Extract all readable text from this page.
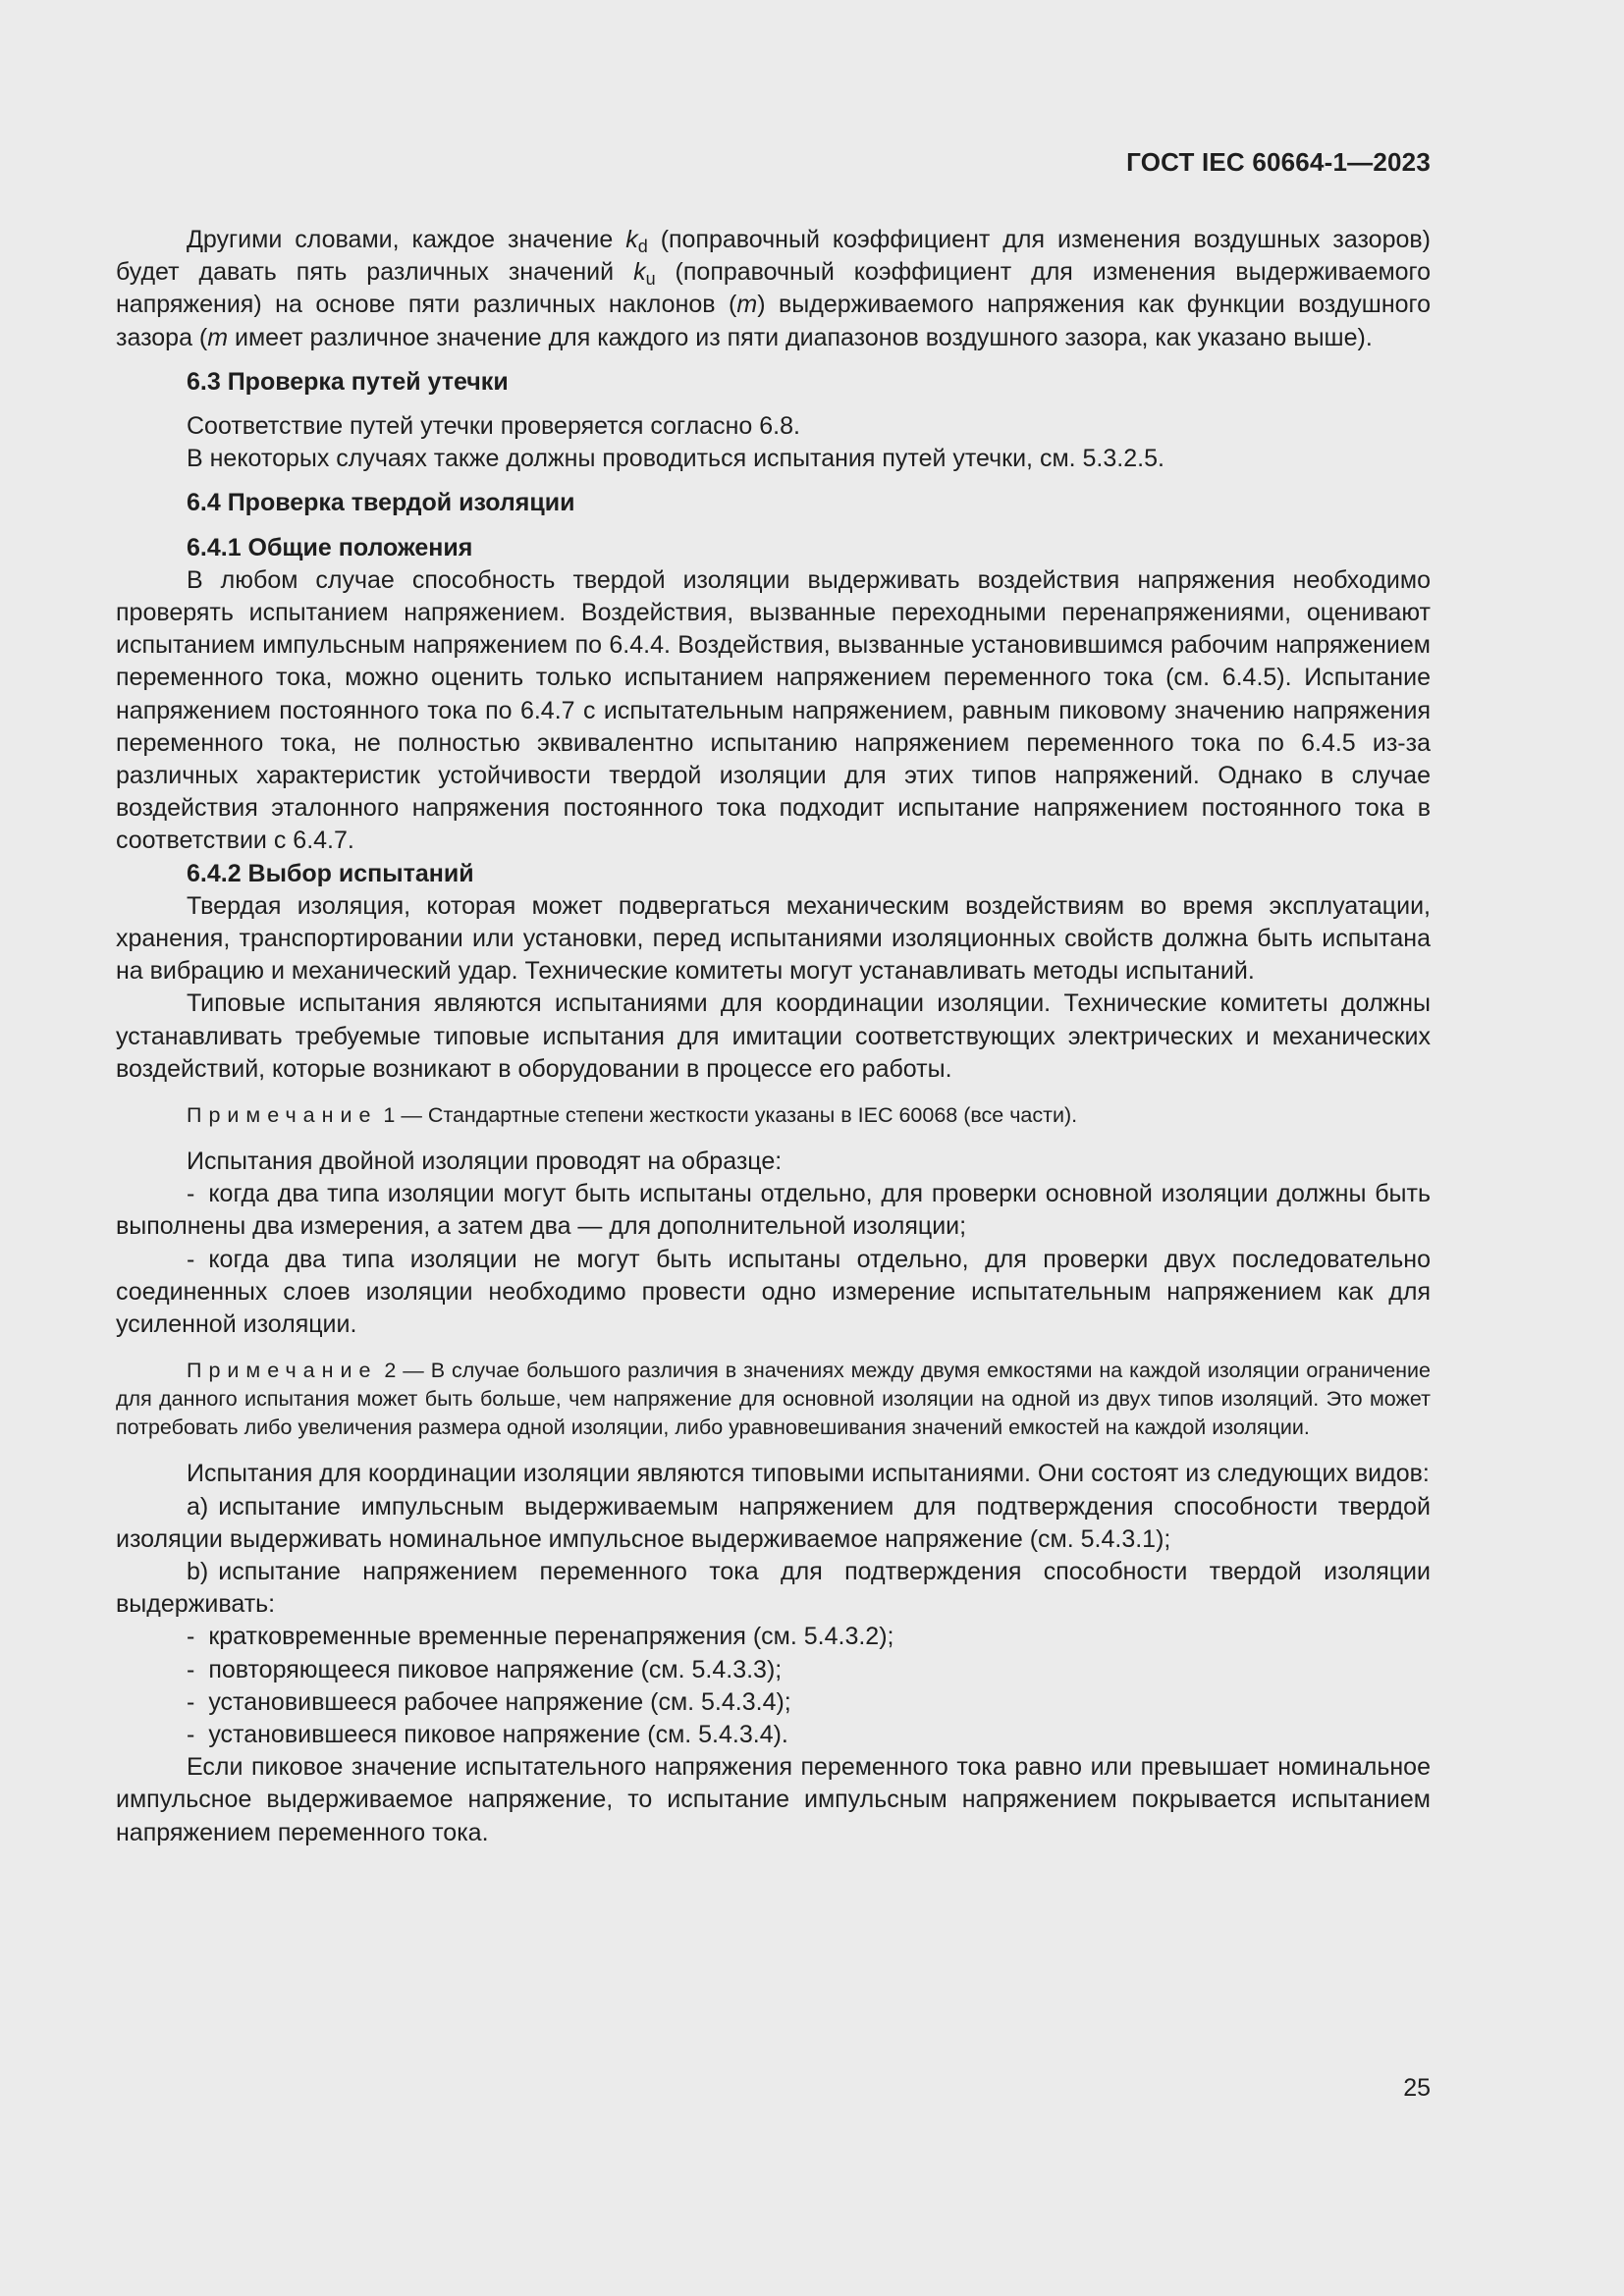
ГОСТ IEC 60664-1—2023

Другими словами, каждое значение $k_d$ (поправочный коэффициент для изменения воздушных зазоров) будет давать пять различных значений $k_u$ (поправочный коэффициент для изменения выдерживаемого напряжения) на основе пяти различных наклонов (m) выдерживаемого напряжения как функции воздушного зазора (m имеет различное значение для каждого из пяти диапазонов воздушного зазора, как указано выше).

6.3 Проверка путей утечки

Соответствие путей утечки проверяется согласно 6.8.

В некоторых случаях также должны проводиться испытания путей утечки, см. 5.3.2.5.

6.4 Проверка твердой изоляции

6.4.1 Общие положения

В любом случае способность твердой изоляции выдерживать воздействия напряжения необходимо проверять испытанием напряжением. Воздействия, вызванные переходными перенапряжениями, оценивают испытанием импульсным напряжением по 6.4.4. Воздействия, вызванные установившимся рабочим напряжением переменного тока, можно оценить только испытанием напряжением переменного тока (см. 6.4.5). Испытание напряжением постоянного тока по 6.4.7 с испытательным напряжением, равным пиковому значению напряжения переменного тока, не полностью эквивалентно испытанию напряжением переменного тока по 6.4.5 из-за различных характеристик устойчивости твердой изоляции для этих типов напряжений. Однако в случае воздействия эталонного напряжения постоянного тока подходит испытание напряжением постоянного тока в соответствии с 6.4.7.

6.4.2 Выбор испытаний

Твердая изоляция, которая может подвергаться механическим воздействиям во время эксплуатации, хранения, транспортировании или установки, перед испытаниями изоляционных свойств должна быть испытана на вибрацию и механический удар. Технические комитеты могут устанавливать методы испытаний.

Типовые испытания являются испытаниями для координации изоляции. Технические комитеты должны устанавливать требуемые типовые испытания для имитации соответствующих электрических и механических воздействий, которые возникают в оборудовании в процессе его работы.

Примечание 1 — Стандартные степени жесткости указаны в IEC 60068 (все части).

Испытания двойной изоляции проводят на образце:

- когда два типа изоляции могут быть испытаны отдельно, для проверки основной изоляции должны быть выполнены два измерения, а затем два — для дополнительной изоляции;

- когда два типа изоляции не могут быть испытаны отдельно, для проверки двух последовательно соединенных слоев изоляции необходимо провести одно измерение испытательным напряжением как для усиленной изоляции.

Примечание 2 — В случае большого различия в значениях между двумя емкостями на каждой изоляции ограничение для данного испытания может быть больше, чем напряжение для основной изоляции на одной из двух типов изоляций. Это может потребовать либо увеличения размера одной изоляции, либо уравновешивания значений емкостей на каждой изоляции.

Испытания для координации изоляции являются типовыми испытаниями. Они состоят из следующих видов:

a) испытание импульсным выдерживаемым напряжением для подтверждения способности твердой изоляции выдерживать номинальное импульсное выдерживаемое напряжение (см. 5.4.3.1);

b) испытание напряжением переменного тока для подтверждения способности твердой изоляции выдерживать:

- кратковременные временные перенапряжения (см. 5.4.3.2);

- повторяющееся пиковое напряжение (см. 5.4.3.3);

- установившееся рабочее напряжение (см. 5.4.3.4);

- установившееся пиковое напряжение (см. 5.4.3.4).

Если пиковое значение испытательного напряжения переменного тока равно или превышает номинальное импульсное выдерживаемое напряжение, то испытание импульсным напряжением покрывается испытанием напряжением переменного тока.

25
